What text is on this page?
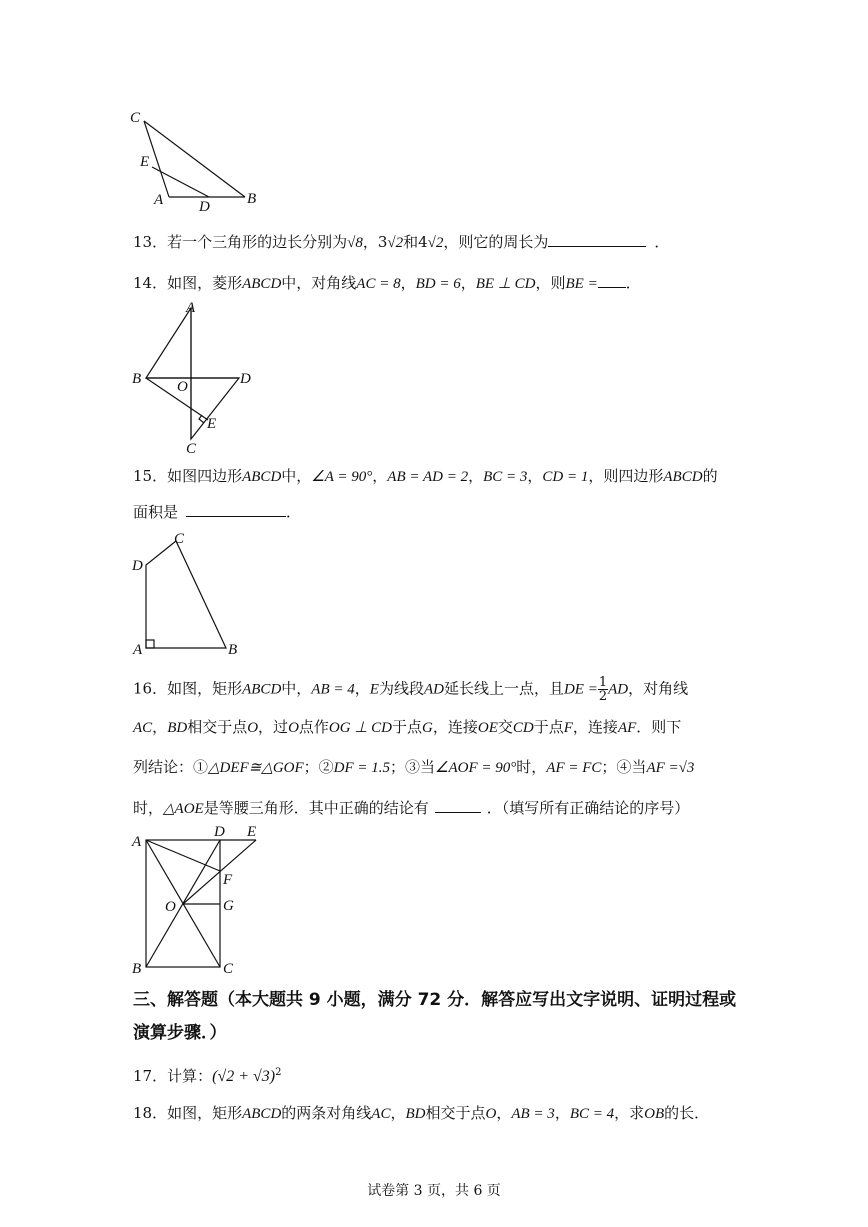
C
E
A D B
13．若一个三角形的边长分别为√8，3√2和4√2，则它的周长为	．
14．如图，菱形ABCD中，对角线AC = 8，BD = 6，BE ⊥ CD，则BE = ．
A
B O	D
E
C
15．如图四边形ABCD中，∠A = 90°，AB = AD = 2，BC = 3，CD = 1，则四边形ABCD的
面积是	．
C
D
A	B
16．如图，矩形ABCD中，AB = 4，E为线段AD延长线上一点，且DE = $\frac{1}{2}$ AD，对角线
AC，BD相交于点O，过O点作OG ⊥ CD于点G，连接OE交CD于点F，连接AF．则下
列结论：①△DEF≅△GOF；②DF = 1.5；③当∠AOF = 90°时，AF = FC；④当AF =√3
时，△AOE是等腰三角形．其中正确的结论有	．（填写所有正确结论的序号）
A
D E
F
O	G
B	C
三、解答题（本大题共 9 小题，满分 72 分．解答应写出文字说明、证明过程或
演算步骤．）
17．计算：$(√2 + √3)^2$
18．如图，矩形ABCD的两条对角线AC，BD相交于点O，AB = 3，BC = 4，求OB的长．
试卷第 3 页，共 6 页
